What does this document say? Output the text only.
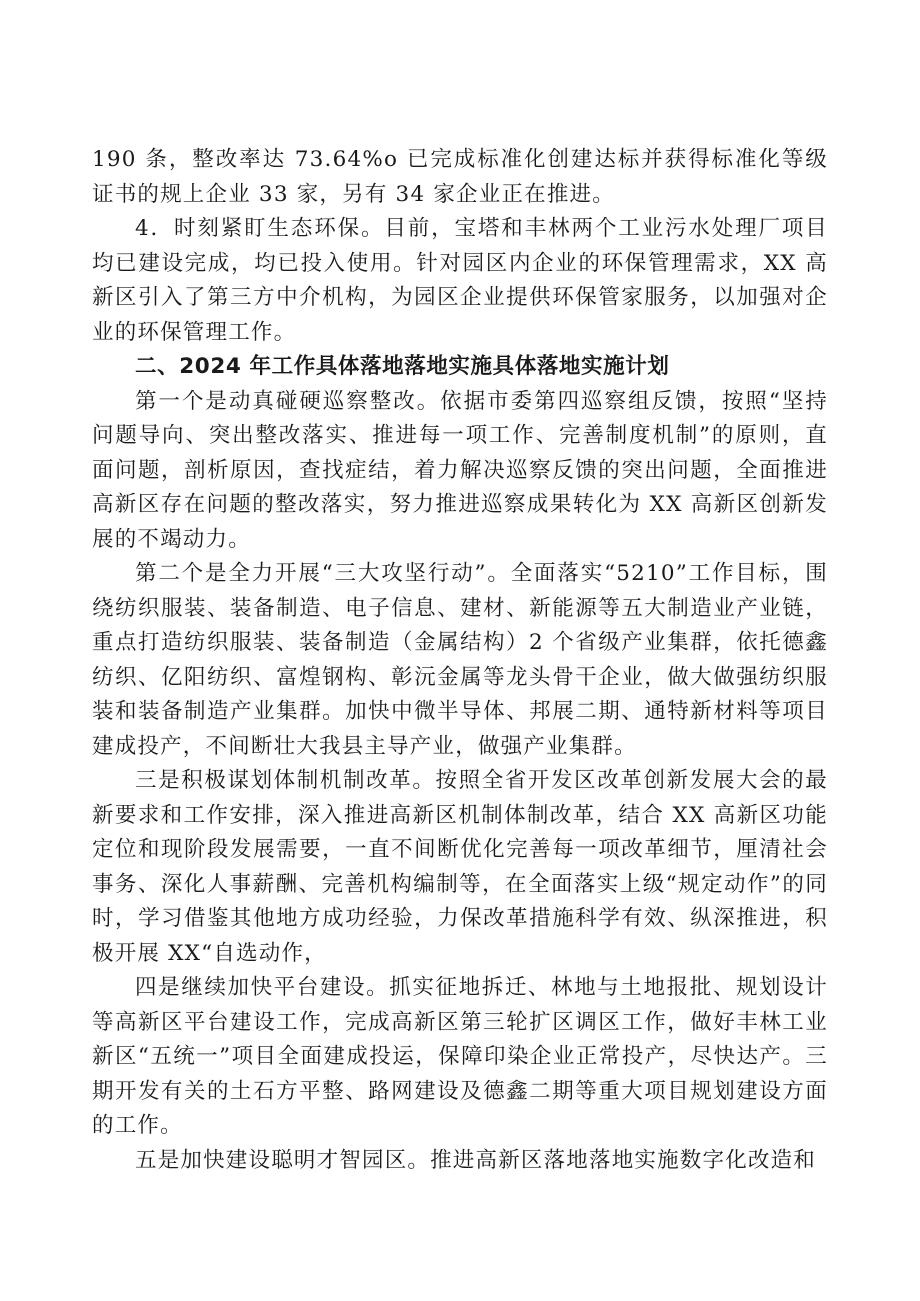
190 条，整改率达 73.64%o 已完成标准化创建达标并获得标准化等级证书的规上企业 33 家，另有 34 家企业正在推进。

4．时刻紧盯生态环保。目前，宝塔和丰林两个工业污水处理厂项目均已建设完成，均已投入使用。针对园区内企业的环保管理需求，XX 高新区引入了第三方中介机构，为园区企业提供环保管家服务，以加强对企业的环保管理工作。

二、2024 年工作具体落地落地实施具体落地实施计划

第一个是动真碰硬巡察整改。依据市委第四巡察组反馈，按照“坚持问题导向、突出整改落实、推进每一项工作、完善制度机制”的原则，直面问题，剖析原因，查找症结，着力解决巡察反馈的突出问题，全面推进高新区存在问题的整改落实，努力推进巡察成果转化为 XX 高新区创新发展的不竭动力。

第二个是全力开展“三大攻坚行动”。全面落实“5210”工作目标，围绕纺织服装、装备制造、电子信息、建材、新能源等五大制造业产业链，重点打造纺织服装、装备制造（金属结构）2 个省级产业集群，依托德鑫纺织、亿阳纺织、富煌钢构、彰沅金属等龙头骨干企业，做大做强纺织服装和装备制造产业集群。加快中微半导体、邦展二期、通特新材料等项目建成投产，不间断壮大我县主导产业，做强产业集群。

三是积极谋划体制机制改革。按照全省开发区改革创新发展大会的最新要求和工作安排，深入推进高新区机制体制改革，结合 XX 高新区功能定位和现阶段发展需要，一直不间断优化完善每一项改革细节，厘清社会事务、深化人事薪酬、完善机构编制等，在全面落实上级“规定动作”的同时，学习借鉴其他地方成功经验，力保改革措施科学有效、纵深推进，积极开展 XX“自选动作，

四是继续加快平台建设。抓实征地拆迁、林地与土地报批、规划设计等高新区平台建设工作，完成高新区第三轮扩区调区工作，做好丰林工业新区“五统一”项目全面建成投运，保障印染企业正常投产，尽快达产。三期开发有关的土石方平整、路网建设及德鑫二期等重大项目规划建设方面的工作。

五是加快建设聪明才智园区。推进高新区落地落地实施数字化改造和
